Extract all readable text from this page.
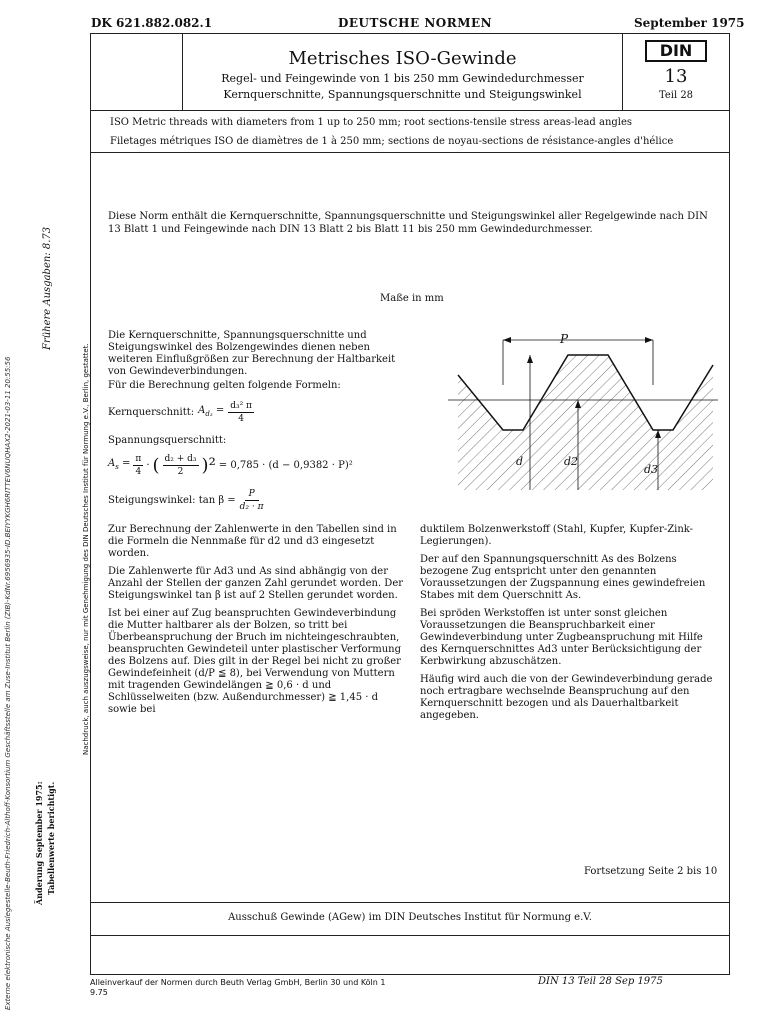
DK 621.882.082.1	DEUTSCHE NORMEN	September 1975
Metrisches ISO-Gewinde
Regel- und Feingewinde von 1 bis 250 mm Gewindedurchmesser
Kernquerschnitte, Spannungsquerschnitte und Steigungswinkel
DIN
13
Teil 28
ISO Metric threads with diameters from 1 up to 250 mm; root sections-tensile stress areas-lead angles
Filetages métriques ISO de diamètres de 1 à 250 mm; sections de noyau-sections de résistance-angles d'hélice
Diese Norm enthält die Kernquerschnitte, Spannungsquerschnitte und Steigungswinkel aller Regelgewinde nach DIN 13 Blatt 1 und Feingewinde nach DIN 13 Blatt 2 bis Blatt 11 bis 250 mm Gewindedurchmesser.
Maße in mm
Die Kernquerschnitte, Spannungsquerschnitte und Steigungswinkel des Bolzengewindes dienen neben weiteren Einflußgrößen zur Berechnung der Haltbarkeit von Gewindeverbindungen.
Für die Berechnung gelten folgende Formeln:
Kernquerschnitt: $A_{d_3} = \frac{\text{d₃² π}}{4}$
Spannungsquerschnitt:
$A_s = \frac{\pi}{4}$ · ( d₂ + d₃
2 )² = 0,785 · (d − 0,9382 · P)²
Steigungswinkel: $\tan \beta = \frac{P}{\text{d₂ · π}}$
P
d	d2
d3

Zur Berechnung der Zahlenwerte in den Tabellen sind in die Formeln die Nennmaße für d2 und d3 eingesetzt worden.

Die Zahlenwerte für Ad3 und As sind abhängig von der Anzahl der Stellen der ganzen Zahl gerundet worden. Der Steigungswinkel tan β ist auf 2 Stellen gerundet worden.

Ist bei einer auf Zug beanspruchten Gewindeverbindung die Mutter haltbarer als der Bolzen, so tritt bei Überbeanspruchung der Bruch im nichteingeschraubten, beanspruchten Gewindeteil unter plastischer Verformung des Bolzens auf. Dies gilt in der Regel bei nicht zu großer Gewindefeinheit (d/P ≦ 8), bei Verwendung von Muttern mit tragenden Gewindelängen ≧ 0,6 · d und Schlüsselweiten (bzw. Außendurchmesser) ≧ 1,45 · d sowie bei

duktilem Bolzenwerkstoff (Stahl, Kupfer, Kupfer-Zink-Legierungen).

Der auf den Spannungsquerschnitt As des Bolzens bezogene Zug entspricht unter den genannten Voraussetzungen der Zugspannung eines gewindefreien Stabes mit dem Querschnitt As.

Bei spröden Werkstoffen ist unter sonst gleichen Voraussetzungen die Beanspruchbarkeit einer Gewindeverbindung unter Zugbeanspruchung mit Hilfe des Kernquerschnittes Ad3 unter Berücksichtigung der Kerbwirkung abzuschätzen.

Häufig wird auch die von der Gewindeverbindung gerade noch ertragbare wechselnde Beanspruchung auf den Kernquerschnitt bezogen und als Dauerhaltbarkeit angegeben.

Fortsetzung Seite 2 bis 10
Ausschuß Gewinde (AGew) im DIN Deutsches Institut für Normung e.V.
Alleinverkauf der Normen durch Beuth Verlag GmbH, Berlin 30 und Köln 1
9.75
DIN 13 Teil 28 Sep 1975
Frühere Ausgaben: 8.73
Nachdruck, auch auszugsweise, nur mit Genehmigung des DIN Deutsches Institut für Normung e.V., Berlin, gestattet.
Änderung September 1975: Tabellenwerte berichtigt.
Externe elektronische Auslegestelle-Beuth-Friedrich-Althoff-Konsortium Geschäftsstelle am Zuse-Institut Berlin (ZIB)-KdNr.6956935-ID.BEIYYKGH6RITTEV6NUQHAX2-2021-03-11 20:55:56
